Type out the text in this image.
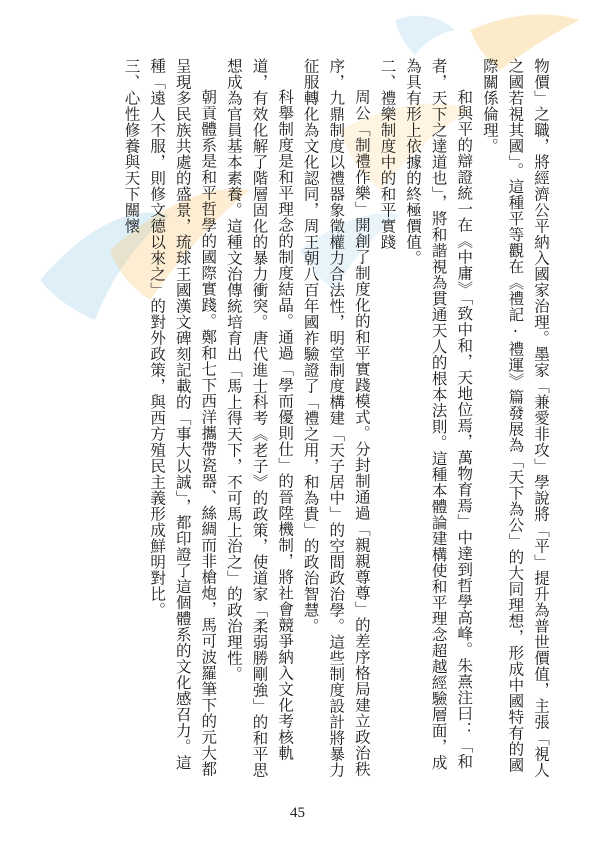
物價」之職，將經濟公平納入國家治理。墨家「兼愛非攻」學說將「平」提升為普世價值，主張「視人之國若視其國」。這種平等觀在《禮記·禮運》篇發展為「天下為公」的大同理想，形成中國特有的國際關係倫理。

和與平的辯證統一在《中庸》「致中和，天地位焉，萬物育焉」中達到哲學高峰。朱熹注曰：「和者，天下之達道也」，將和諧視為貫通天人的根本法則。這種本體論建構使和平理念超越經驗層面，成為具有形上依據的終極價值。

二、禮樂制度中的和平實踐

周公「制禮作樂」開創了制度化的和平實踐模式。分封制通過「親親尊尊」的差序格局建立政治秩序，九鼎制度以禮器象徵權力合法性，明堂制度構建「天子居中」的空間政治學。這些制度設計將暴力征服轉化為文化認同，周王朝八百年國祚驗證了「禮之用，和為貴」的政治智慧。

科舉制度是和平理念的制度結晶。通過「學而優則仕」的晉陞機制，將社會競爭納入文化考核軌道，有效化解了階層固化的暴力衝突。唐代進士科考《老子》的政策，使道家「柔弱勝剛強」的和平思想成為官員基本素養。這種文治傳統培育出「馬上得天下，不可馬上治之」的政治理性。

朝貢體系是和平哲學的國際實踐。鄭和七下西洋攜帶瓷器、絲綢而非槍炮，馬可波羅筆下的元大都呈現多民族共處的盛景，琉球王國漢文碑刻記載的「事大以誠」，都印證了這個體系的文化感召力。這種「遠人不服，則修文德以來之」的對外政策，與西方殖民主義形成鮮明對比。

三、心性修養與天下關懷

45
